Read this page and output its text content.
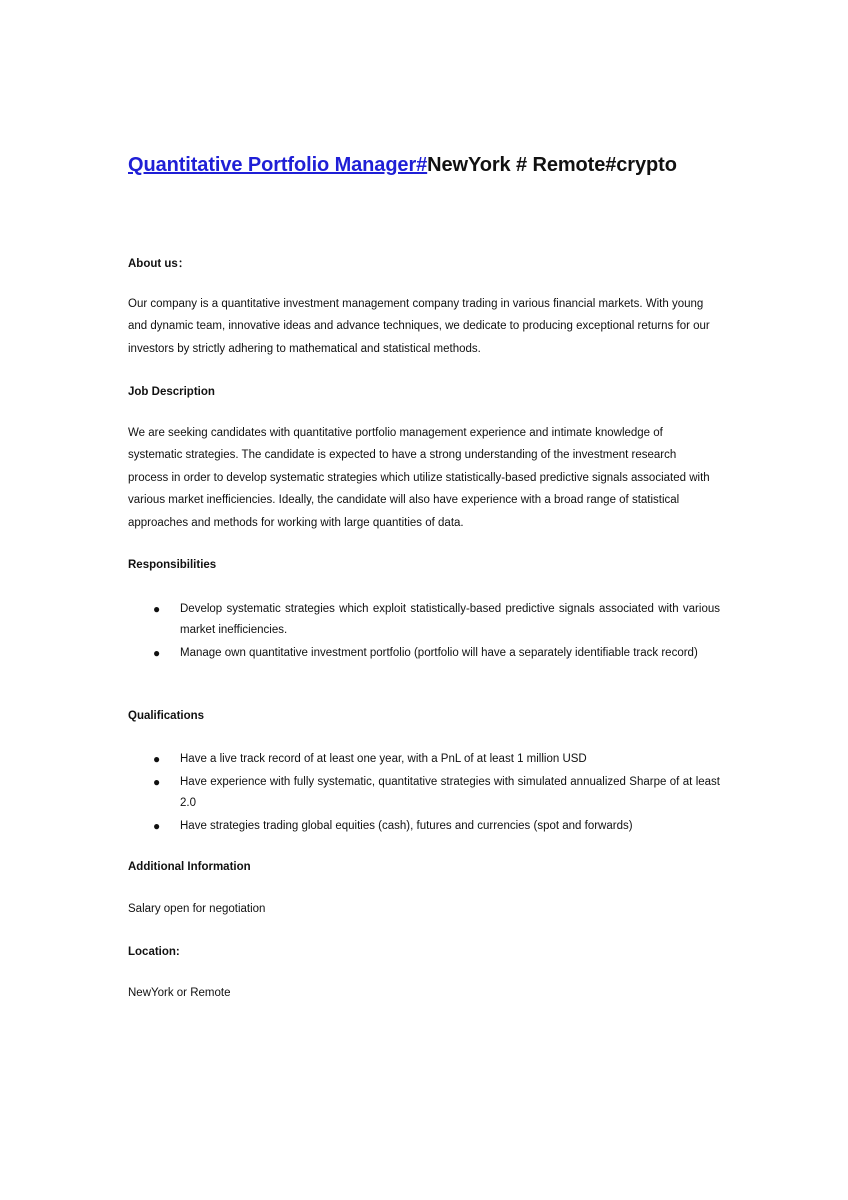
Quantitative Portfolio Manager#NewYork # Remote#crypto
About us：

Our company is a quantitative investment management company trading in various financial markets. With young and dynamic team, innovative ideas and advance techniques, we dedicate to producing exceptional returns for our investors by strictly adhering to mathematical and statistical methods.

Job Description

We are seeking candidates with quantitative portfolio management experience and intimate knowledge of systematic strategies. The candidate is expected to have a strong understanding of the investment research process in order to develop systematic strategies which utilize statistically-based predictive signals associated with various market inefficiencies. Ideally, the candidate will also have experience with a broad range of statistical approaches and methods for working with large quantities of data.

Responsibilities
● Develop systematic strategies which exploit statistically-based predictive signals associated with various market inefficiencies.
● Manage own quantitative investment portfolio (portfolio will have a separately identifiable track record)
Qualifications
● Have a live track record of at least one year, with a PnL of at least 1 million USD
● Have experience with fully systematic, quantitative strategies with simulated annualized Sharpe of at least 2.0
● Have strategies trading global equities (cash), futures and currencies (spot and forwards)
Additional Information

Salary open for negotiation

Location:

NewYork or Remote
